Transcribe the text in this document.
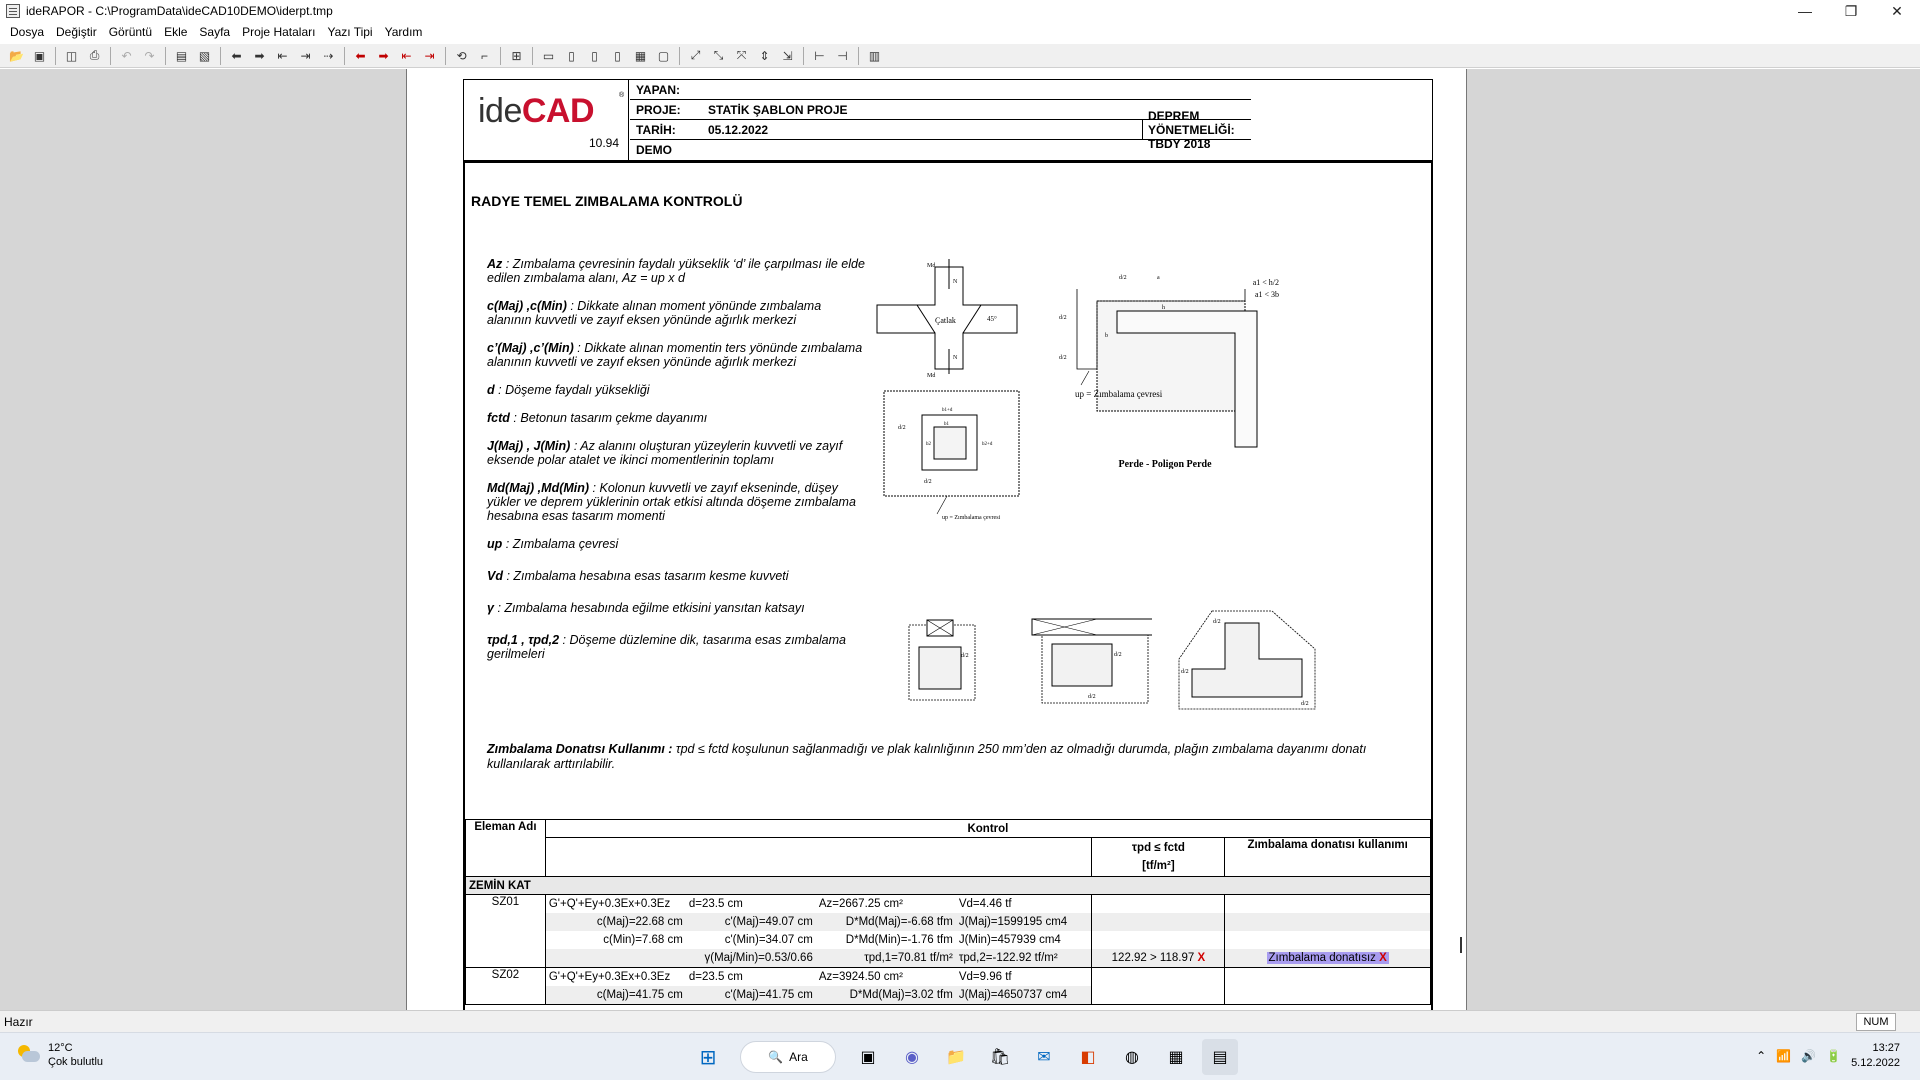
ideRAPOR - C:\ProgramData\ideCAD10DEMO\iderpt.tmp	—	❐	✕
Dosya	Değiştir	Görüntü	Ekle	Sayfa	Proje Hataları	Yazı Tipi	Yardım
📂 ▣	◫	⎙	↶	↷	▤ ▧	⬅	➡	⇤	⇥	⇢	⬅	➡	⇤	⇥	⟲	⌐	⊞	▭	▯	▯	▯	▦ ▢	⤢	⤡	⤧	⇕	⇲	⊢	⊣	▥
ideCAD	®
10.94
YAPAN:
PROJE:	STATİK ŞABLON PROJE
TARİH:	05.12.2022
DEPREM YÖNETMELİĞİ: TBDY 2018
DEMO
RADYE TEMEL ZIMBALAMA KONTROLÜ

Az : Zımbalama çevresinin faydalı yükseklik ‘d’ ile çarpılması ile elde edilen zımbalama alanı, Az = up x d

c(Maj) ,c(Min) : Dikkate alınan moment yönünde zımbalama alanının kuvvetli ve zayıf eksen yönünde ağırlık merkezi

c’(Maj) ,c’(Min) : Dikkate alınan momentin ters yönünde zımbalama alanının kuvvetli ve zayıf eksen yönünde ağırlık merkezi

d : Döşeme faydalı yüksekliği

fctd : Betonun tasarım çekme dayanımı

J(Maj) , J(Min) : Az alanını oluşturan yüzeylerin kuvvetli ve zayıf eksende polar atalet ve ikinci momentlerinin toplamı

Md(Maj) ,Md(Min) : Kolonun kuvvetli ve zayıf ekseninde, düşey yükler ve deprem yüklerinin ortak etkisi altında döşeme zımbalama hesabına esas tasarım momenti

up : Zımbalama çevresi

Vd : Zımbalama hesabına esas tasarım kesme kuvveti

γ : Zımbalama hesabında eğilme etkisini yansıtan katsayı

τpd,1 , τpd,2 : Döşeme düzlemine dik, tasarıma esas zımbalama gerilmeleri

Çatlak	45°
Md
N
N
Md
b1+d
b1
b2	b2+d
d/2
d/2
up = Zımbalama çevresi
a1 < h/2
a1 < 3b
d/2	a
h
b
d/2
d/2
up = Zımbalama çevresi
Perde - Poligon Perde
d/2	d/2
d/2
d/2
d/2
d/2
Zımbalama Donatısı Kullanımı : τpd ≤ fctd koşulunun sağlanmadığı ve plak kalınlığının 250 mm’den az olmadığı durumda, plağın zımbalama dayanımı donatı kullanılarak arttırılabilir.
Eleman Adı	Kontrol
	τpd ≤ fctd
[tf/m²]	Zımbalama donatısı kullanımı
ZEMİN KAT
SZ01		G'+Q'+Ey+0.3Ex+0.3Ez	d=23.5 cm	Az=2667.25 cm²	Vd=4.46 tf
c(Maj)=22.68 cm	c'(Maj)=49.07 cm	D*Md(Maj)=-6.68 tfm	J(Maj)=1599195 cm4
c(Min)=7.68 cm	c'(Min)=34.07 cm	D*Md(Min)=-1.76 tfm	J(Min)=457939 cm4
	γ(Maj/Min)=0.53/0.66	τpd,1=70.81 tf/m²	τpd,2=-122.92 tf/m²
		122.92 > 118.97 X
		Zımbalama donatısız X

SZ02		G'+Q'+Ey+0.3Ex+0.3Ez	d=23.5 cm	Az=3924.50 cm²	Vd=9.96 tf
c(Maj)=41.75 cm	c'(Maj)=41.75 cm	D*Md(Maj)=3.02 tfm	J(Maj)=4650737 cm4

Hazır	NUM
12°C
Çok bulutlu	⊞	🔍 Ara	▣	◉	📁	🛍	✉	◧	◍	▦	▤	⌃ 📶 🔊 🔋
13:27
5.12.2022
